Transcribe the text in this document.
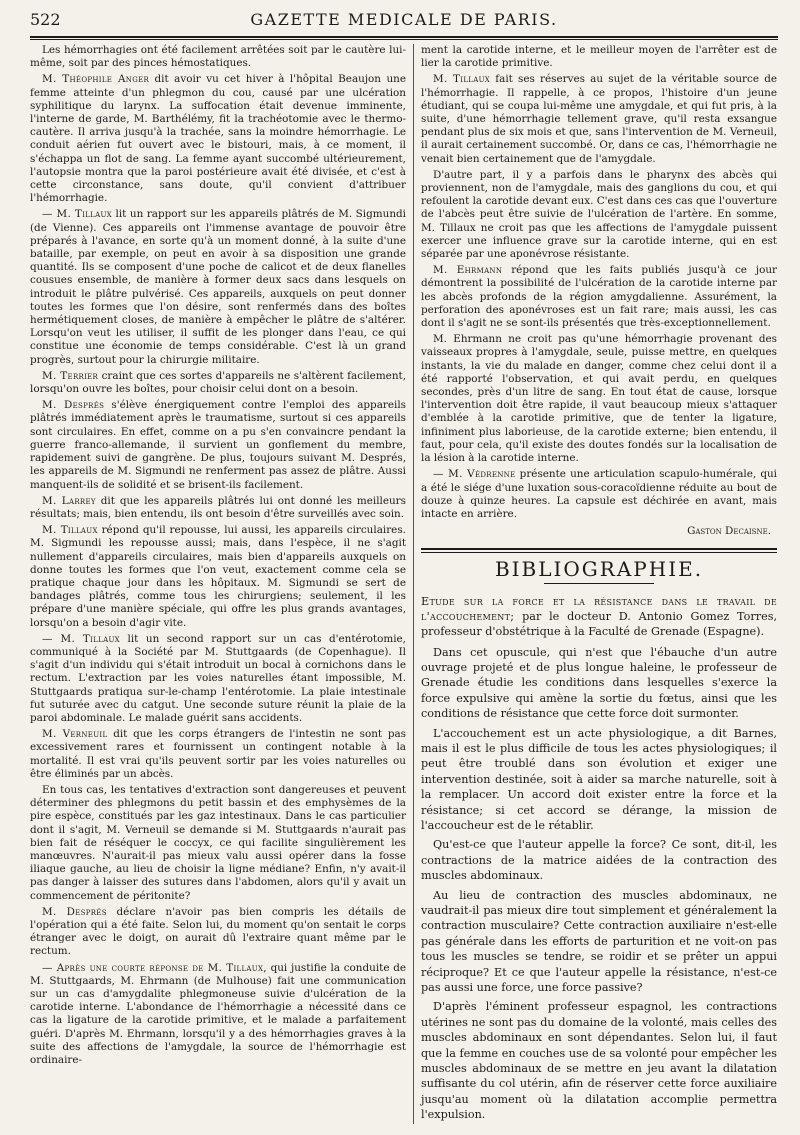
522	GAZETTE MEDICALE DE PARIS.

Les hémorrhagies ont été facilement arrêtées soit par le cautère lui-même, soit par des pinces hémostatiques.

M. Théophile Anger dit avoir vu cet hiver à l'hôpital Beaujon une femme atteinte d'un phlegmon du cou, causé par une ulcération syphilitique du larynx. La suffocation était devenue imminente, l'interne de garde, M. Barthélémy, fit la trachéotomie avec le thermo-cautère. Il arriva jusqu'à la trachée, sans la moindre hémorrhagie. Le conduit aérien fut ouvert avec le bistouri, mais, à ce moment, il s'échappa un flot de sang. La femme ayant succombé ultérieurement, l'autopsie montra que la paroi postérieure avait été divisée, et c'est à cette circonstance, sans doute, qu'il convient d'attribuer l'hémorrhagie.

— M. Tillaux lit un rapport sur les appareils plâtrés de M. Sigmundi (de Vienne). Ces appareils ont l'immense avantage de pouvoir être préparés à l'avance, en sorte qu'à un moment donné, à la suite d'une bataille, par exemple, on peut en avoir à sa disposition une grande quantité. Ils se composent d'une poche de calicot et de deux flanelles cousues ensemble, de manière à former deux sacs dans lesquels on introduit le plâtre pulvérisé. Ces appareils, auxquels on peut donner toutes les formes que l'on désire, sont renfermés dans des boîtes hermétiquement closes, de manière à empêcher le plâtre de s'altérer. Lorsqu'on veut les utiliser, il suffit de les plonger dans l'eau, ce qui constitue une économie de temps considérable. C'est là un grand progrès, surtout pour la chirurgie militaire.

M. Terrier craint que ces sortes d'appareils ne s'altèrent facilement, lorsqu'on ouvre les boîtes, pour choisir celui dont on a besoin.

M. Després s'élève énergiquement contre l'emploi des appareils plâtrés immédiatement après le traumatisme, surtout si ces appareils sont circulaires. En effet, comme on a pu s'en convaincre pendant la guerre franco-allemande, il survient un gonflement du membre, rapidement suivi de gangrène. De plus, toujours suivant M. Després, les appareils de M. Sigmundi ne renferment pas assez de plâtre. Aussi manquent-ils de solidité et se brisent-ils facilement.

M. Larrey dit que les appareils plâtrés lui ont donné les meilleurs résultats; mais, bien entendu, ils ont besoin d'être surveillés avec soin.

M. Tillaux répond qu'il repousse, lui aussi, les appareils circulaires. M. Sigmundi les repousse aussi; mais, dans l'espèce, il ne s'agit nullement d'appareils circulaires, mais bien d'appareils auxquels on donne toutes les formes que l'on veut, exactement comme cela se pratique chaque jour dans les hôpitaux. M. Sigmundi se sert de bandages plâtrés, comme tous les chirurgiens; seulement, il les prépare d'une manière spéciale, qui offre les plus grands avantages, lorsqu'on a besoin d'agir vite.

— M. Tillaux lit un second rapport sur un cas d'entérotomie, communiqué à la Société par M. Stuttgaards (de Copenhague). Il s'agit d'un individu qui s'était introduit un bocal à cornichons dans le rectum. L'extraction par les voies naturelles étant impossible, M. Stuttgaards pratiqua sur-le-champ l'entérotomie. La plaie intestinale fut suturée avec du catgut. Une seconde suture réunit la plaie de la paroi abdominale. Le malade guérit sans accidents.

M. Verneuil dit que les corps étrangers de l'intestin ne sont pas excessivement rares et fournissent un contingent notable à la mortalité. Il est vrai qu'ils peuvent sortir par les voies naturelles ou être éliminés par un abcès.

En tous cas, les tentatives d'extraction sont dangereuses et peuvent déterminer des phlegmons du petit bassin et des emphysèmes de la pire espèce, constitués par les gaz intestinaux. Dans le cas particulier dont il s'agit, M. Verneuil se demande si M. Stuttgaards n'aurait pas bien fait de réséquer le coccyx, ce qui facilite singulièrement les manœuvres. N'aurait-il pas mieux valu aussi opérer dans la fosse iliaque gauche, au lieu de choisir la ligne médiane? Enfin, n'y avait-il pas danger à laisser des sutures dans l'abdomen, alors qu'il y avait un commencement de péritonite?

M. Després déclare n'avoir pas bien compris les détails de l'opération qui a été faite. Selon lui, du moment qu'on sentait le corps étranger avec le doigt, on aurait dû l'extraire quant même par le rectum.

— Après une courte réponse de M. Tillaux, qui justifie la conduite de M. Stuttgaards, M. Ehrmann (de Mulhouse) fait une communication sur un cas d'amygdalite phlegmoneuse suivie d'ulcération de la carotide interne. L'abondance de l'hémorrhagie a nécessité dans ce cas la ligature de la carotide primitive, et le malade a parfaitement guéri. D'après M. Ehrmann, lorsqu'il y a des hémorrhagies graves à la suite des affections de l'amygdale, la source de l'hémorrhagie est ordinaire-

ment la carotide interne, et le meilleur moyen de l'arrêter est de lier la carotide primitive.

M. Tillaux fait ses réserves au sujet de la véritable source de l'hémorrhagie. Il rappelle, à ce propos, l'histoire d'un jeune étudiant, qui se coupa lui-même une amygdale, et qui fut pris, à la suite, d'une hémorrhagie tellement grave, qu'il resta exsangue pendant plus de six mois et que, sans l'intervention de M. Verneuil, il aurait certainement succombé. Or, dans ce cas, l'hémorrhagie ne venait bien certainement que de l'amygdale.

D'autre part, il y a parfois dans le pharynx des abcès qui proviennent, non de l'amygdale, mais des ganglions du cou, et qui refoulent la carotide devant eux. C'est dans ces cas que l'ouverture de l'abcès peut être suivie de l'ulcération de l'artère. En somme, M. Tillaux ne croit pas que les affections de l'amygdale puissent exercer une influence grave sur la carotide interne, qui en est séparée par une aponévrose résistante.

M. Ehrmann répond que les faits publiés jusqu'à ce jour démontrent la possibilité de l'ulcération de la carotide interne par les abcès profonds de la région amygdalienne. Assurément, la perforation des aponévroses est un fait rare; mais aussi, les cas dont il s'agit ne se sont-ils présentés que très-exceptionnellement.

M. Ehrmann ne croit pas qu'une hémorrhagie provenant des vaisseaux propres à l'amygdale, seule, puisse mettre, en quelques instants, la vie du malade en danger, comme chez celui dont il a été rapporté l'observation, et qui avait perdu, en quelques secondes, près d'un litre de sang. En tout état de cause, lorsque l'intervention doit être rapide, il vaut beaucoup mieux s'attaquer d'emblée à la carotide primitive, que de tenter la ligature, infiniment plus laborieuse, de la carotide externe; bien entendu, il faut, pour cela, qu'il existe des doutes fondés sur la localisation de la lésion à la carotide interne.

— M. Védrenne présente une articulation scapulo-humérale, qui a été le siége d'une luxation sous-coracoïdienne réduite au bout de douze à quinze heures. La capsule est déchirée en avant, mais intacte en arrière.

Gaston Decaisne.
BIBLIOGRAPHIE.

Etude sur la force et la résistance dans le travail de l'accouchement; par le docteur D. Antonio Gomez Torres, professeur d'obstétrique à la Faculté de Grenade (Espagne).

Dans cet opuscule, qui n'est que l'ébauche d'un autre ouvrage projeté et de plus longue haleine, le professeur de Grenade étudie les conditions dans lesquelles s'exerce la force expulsive qui amène la sortie du fœtus, ainsi que les conditions de résistance que cette force doit surmonter.

L'accouchement est un acte physiologique, a dit Barnes, mais il est le plus difficile de tous les actes physiologiques; il peut être troublé dans son évolution et exiger une intervention destinée, soit à aider sa marche naturelle, soit à la remplacer. Un accord doit exister entre la force et la résistance; si cet accord se dérange, la mission de l'accoucheur est de le rétablir.

Qu'est-ce que l'auteur appelle la force? Ce sont, dit-il, les contractions de la matrice aidées de la contraction des muscles abdominaux.

Au lieu de contraction des muscles abdominaux, ne vaudrait-il pas mieux dire tout simplement et généralement la contraction musculaire? Cette contraction auxiliaire n'est-elle pas générale dans les efforts de parturition et ne voit-on pas tous les muscles se tendre, se roidir et se prêter un appui réciproque? Et ce que l'auteur appelle la résistance, n'est-ce pas aussi une force, une force passive?

D'après l'éminent professeur espagnol, les contractions utérines ne sont pas du domaine de la volonté, mais celles des muscles abdominaux en sont dépendantes. Selon lui, il faut que la femme en couches use de sa volonté pour empêcher les muscles abdominaux de se mettre en jeu avant la dilatation suffisante du col utérin, afin de réserver cette force auxiliaire jusqu'au moment où la dilatation accomplie permettra l'expulsion.
